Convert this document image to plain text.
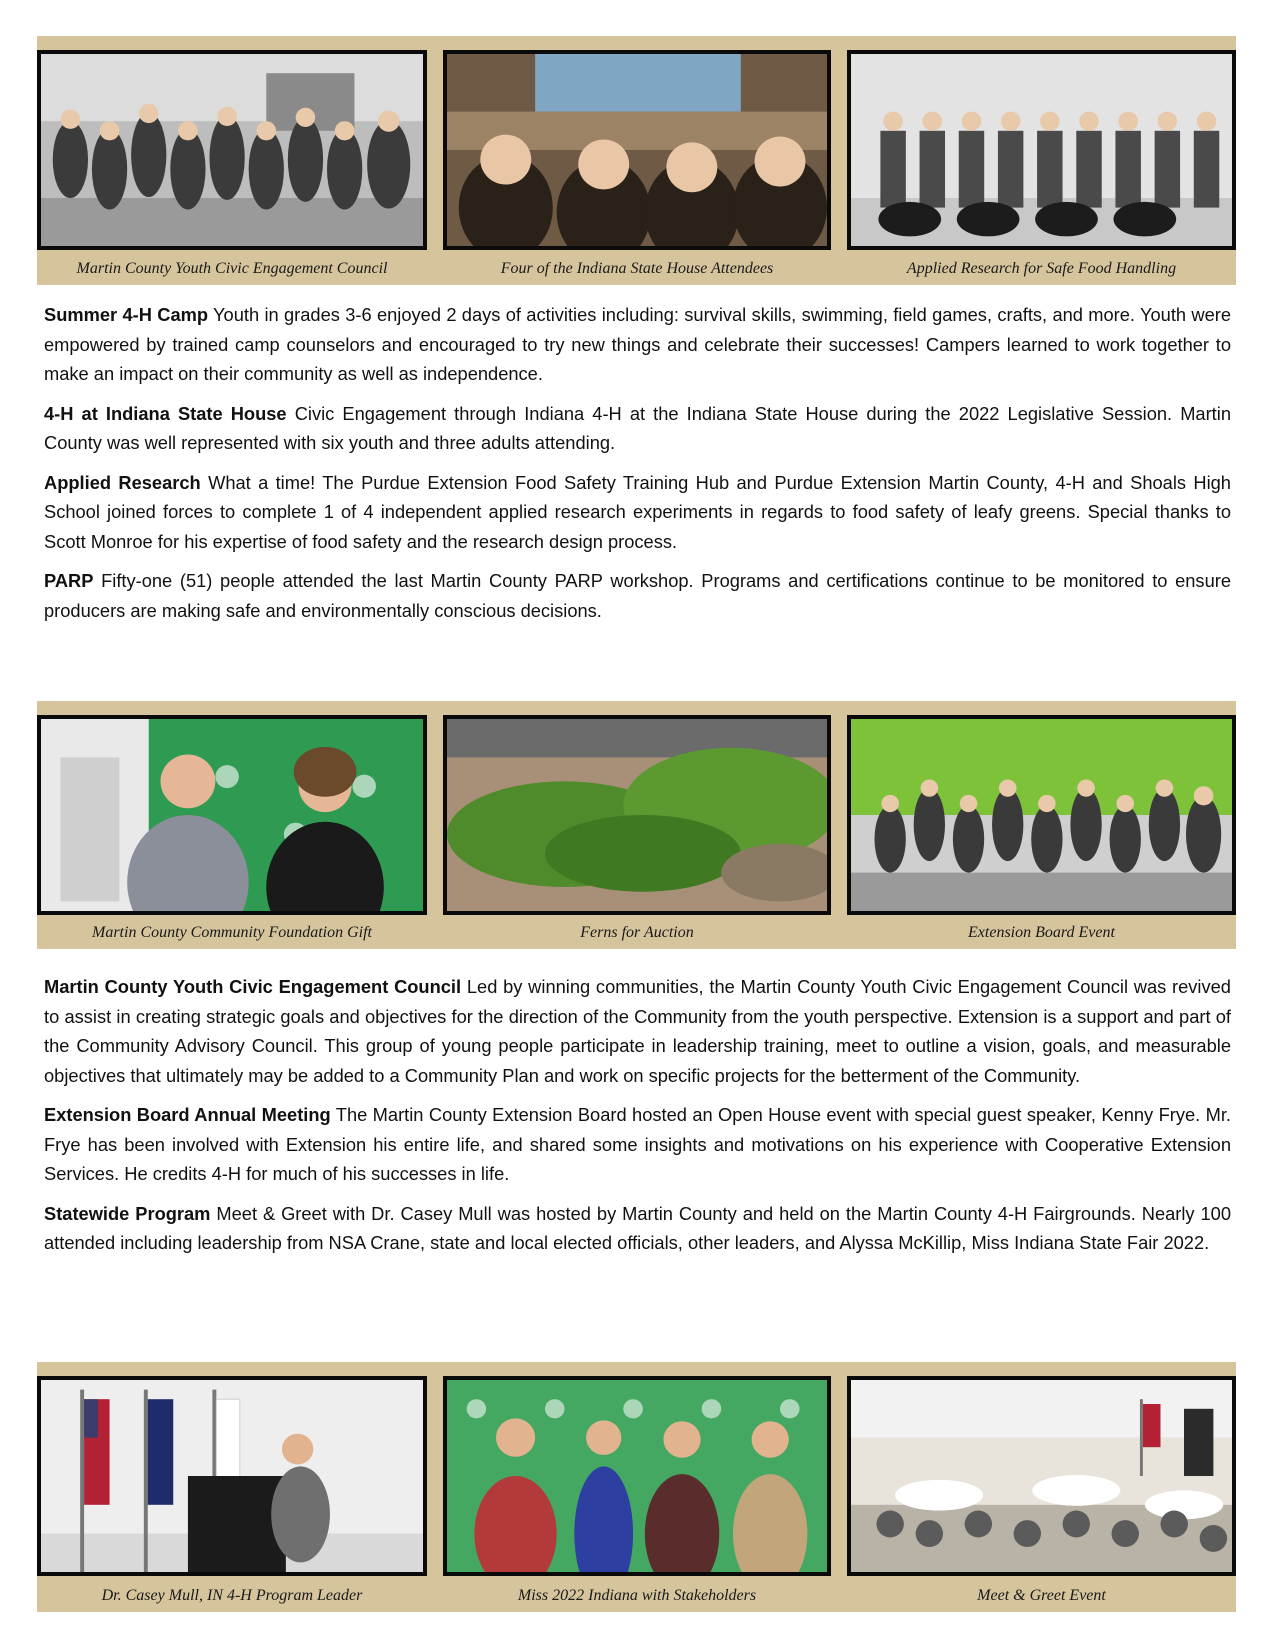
Martin County Youth Civic Engagement Council	Four of the Indiana State House Attendees	Applied Research for Safe Food Handling

Summer 4-H Camp Youth in grades 3-6 enjoyed 2 days of activities including: survival skills, swimming, field games, crafts, and more. Youth were empowered by trained camp counselors and encouraged to try new things and celebrate their successes! Campers learned to work together to make an impact on their community as well as independence.

4-H at Indiana State House Civic Engagement through Indiana 4-H at the Indiana State House during the 2022 Legislative Session. Martin County was well represented with six youth and three adults attending.

Applied Research What a time! The Purdue Extension Food Safety Training Hub and Purdue Extension Martin County, 4-H and Shoals High School joined forces to complete 1 of 4 independent applied research experiments in regards to food safety of leafy greens. Special thanks to Scott Monroe for his expertise of food safety and the research design process.

PARP Fifty-one (51) people attended the last Martin County PARP workshop. Programs and certifications continue to be monitored to ensure producers are making safe and environmentally conscious decisions.

Martin County Community Foundation Gift	Ferns for Auction	Extension Board Event

Martin County Youth Civic Engagement Council Led by winning communities, the Martin County Youth Civic Engagement Council was revived to assist in creating strategic goals and objectives for the direction of the Community from the youth perspective. Extension is a support and part of the Community Advisory Council. This group of young people participate in leadership training, meet to outline a vision, goals, and measurable objectives that ultimately may be added to a Community Plan and work on specific projects for the betterment of the Community.

Extension Board Annual Meeting The Martin County Extension Board hosted an Open House event with special guest speaker, Kenny Frye. Mr. Frye has been involved with Extension his entire life, and shared some insights and motivations on his experience with Cooperative Extension Services. He credits 4-H for much of his successes in life.

Statewide Program Meet & Greet with Dr. Casey Mull was hosted by Martin County and held on the Martin County 4-H Fairgrounds. Nearly 100 attended including leadership from NSA Crane, state and local elected officials, other leaders, and Alyssa McKillip, Miss Indiana State Fair 2022.

Dr. Casey Mull, IN 4-H Program Leader	Miss 2022 Indiana with Stakeholders	Meet & Greet Event
